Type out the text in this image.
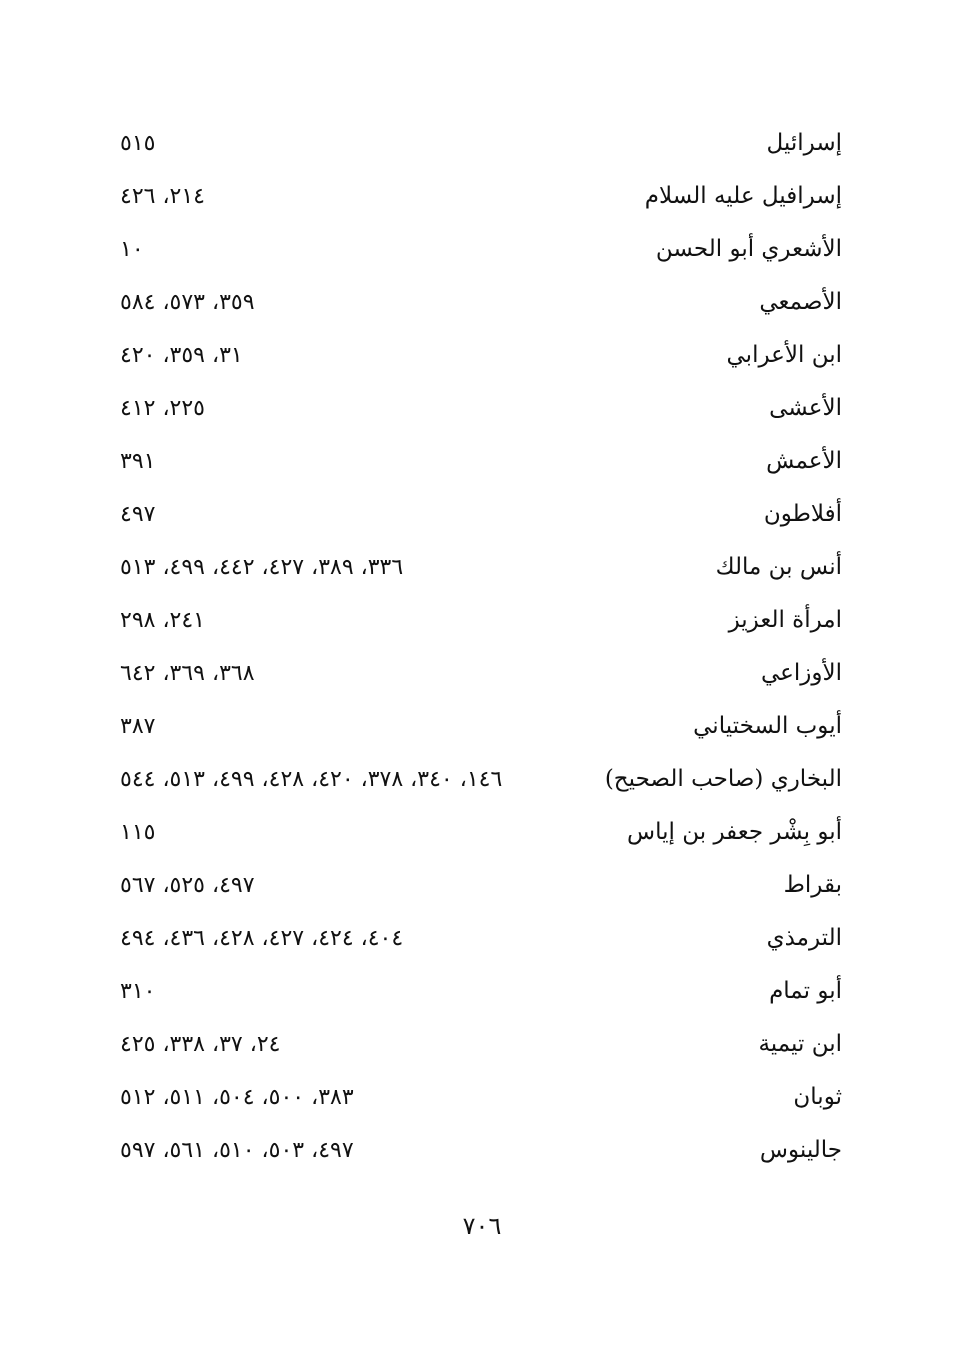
إسرائيل
٥١٥
إسرافيل عليه السلام
٢١٤، ٤٢٦
الأشعري أبو الحسن
١٠
الأصمعي
٣٥٩، ٥٧٣، ٥٨٤
ابن الأعرابي
٣١، ٣٥٩، ٤٢٠
الأعشى
٢٢٥، ٤١٢
الأعمش
٣٩١
أفلاطون
٤٩٧
أنس بن مالك
٣٣٦، ٣٨٩، ٤٢٧، ٤٤٢، ٤٩٩، ٥١٣
امرأة العزيز
٢٤١، ٢٩٨
الأوزاعي
٣٦٨، ٣٦٩، ٦٤٢
أيوب السختياني
٣٨٧
البخاري (صاحب الصحيح)
١٤٦، ٣٤٠، ٣٧٨، ٤٢٠، ٤٢٨، ٤٩٩، ٥١٣، ٥٤٤
أبو بِشْر جعفر بن إياس
١١٥
بقراط
٤٩٧، ٥٢٥، ٥٦٧
الترمذي
٤٠٤، ٤٢٤، ٤٢٧، ٤٢٨، ٤٣٦، ٤٩٤
أبو تمام
٣١٠
ابن تيمية
٢٤، ٣٧، ٣٣٨، ٤٢٥
ثوبان
٣٨٣، ٥٠٠، ٥٠٤، ٥١١، ٥١٢
جالينوس
٤٩٧، ٥٠٣، ٥١٠، ٥٦١، ٥٩٧
٧٠٦
